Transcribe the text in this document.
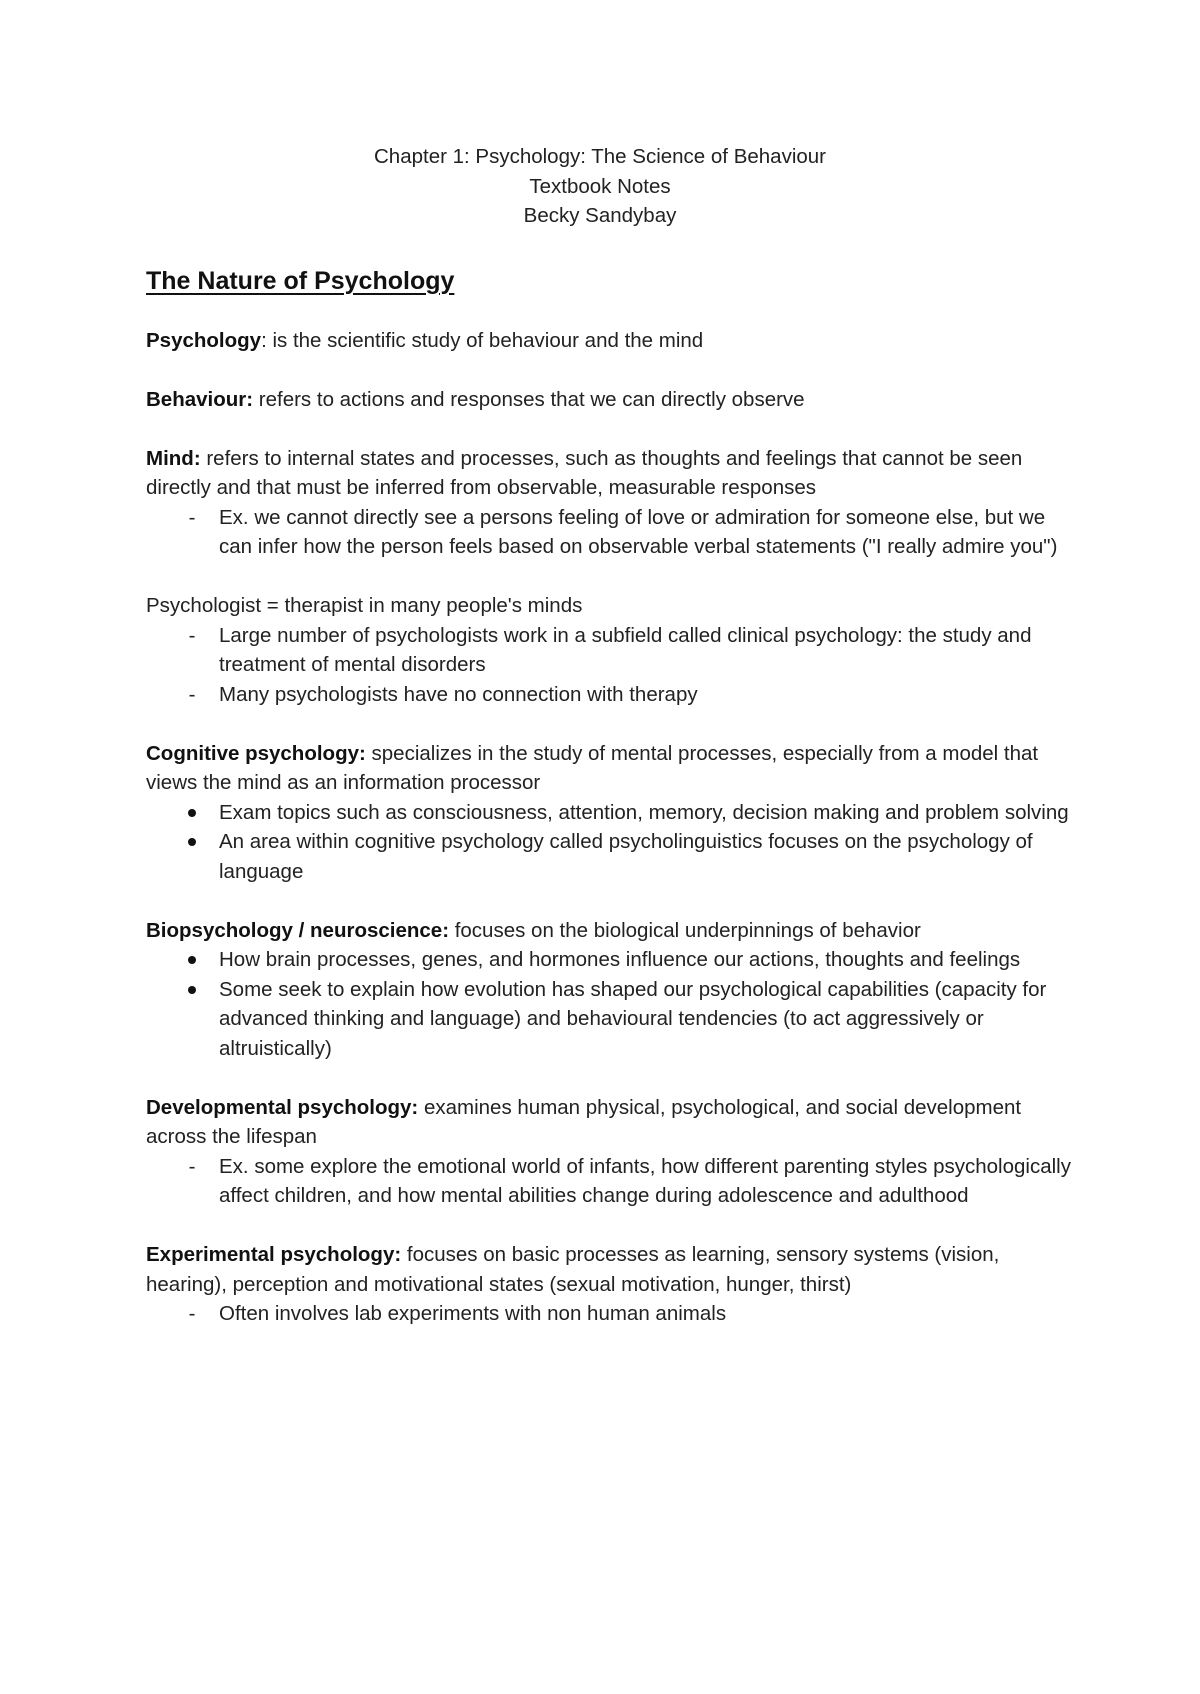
Chapter 1: Psychology: The Science of Behaviour
Textbook Notes
Becky Sandybay
The Nature of Psychology

Psychology: is the scientific study of behaviour and the mind

Behaviour: refers to actions and responses that we can directly observe

Mind: refers to internal states and processes, such as thoughts and feelings that cannot be seen directly and that must be inferred from observable, measurable responses

-
Ex. we cannot directly see a persons feeling of love or admiration for someone else, but we can infer how the person feels based on observable verbal statements ("I really admire you")

Psychologist = therapist in many people's minds

-
Large number of psychologists work in a subfield called clinical psychology: the study and treatment of mental disorders
-
Many psychologists have no connection with therapy

Cognitive psychology: specializes in the study of mental processes, especially from a model that views the mind as an information processor

Exam topics such as consciousness, attention, memory, decision making and problem solving
An area within cognitive psychology called psycholinguistics focuses on the psychology of language

Biopsychology / neuroscience: focuses on the biological underpinnings of behavior

How brain processes, genes, and hormones influence our actions, thoughts and feelings
Some seek to explain how evolution has shaped our psychological capabilities (capacity for advanced thinking and language) and behavioural tendencies (to act aggressively or altruistically)

Developmental psychology: examines human physical, psychological, and social development across the lifespan

-
Ex. some explore the emotional world of infants, how different parenting styles psychologically affect children, and how mental abilities change during adolescence and adulthood

Experimental psychology: focuses on basic processes as learning, sensory systems (vision, hearing), perception and motivational states (sexual motivation, hunger, thirst)

-
Often involves lab experiments with non human animals
